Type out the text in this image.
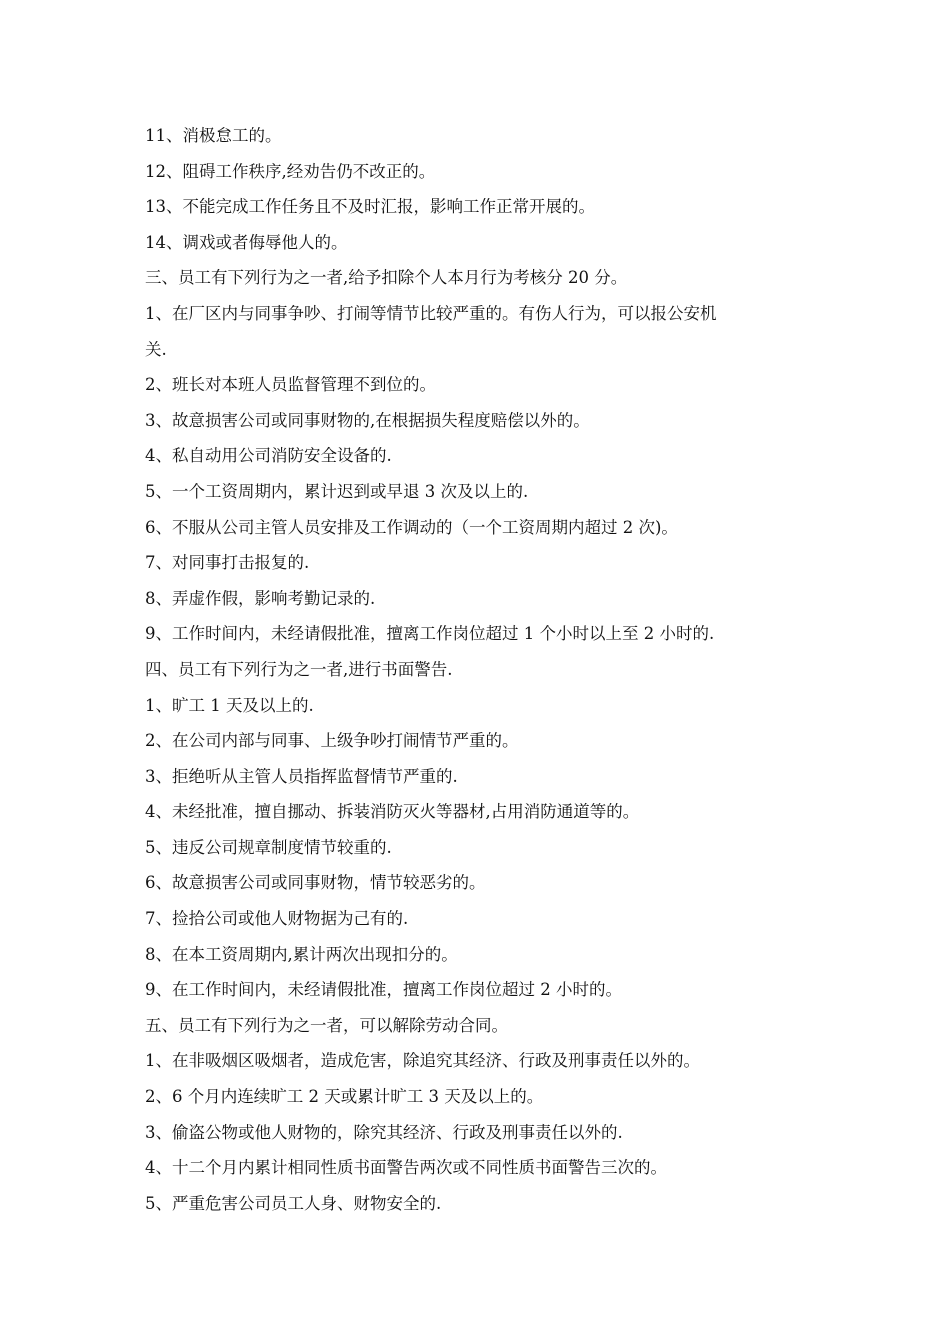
11、消极怠工的。

12、阻碍工作秩序,经劝告仍不改正的。

13、不能完成工作任务且不及时汇报，影响工作正常开展的。

14、调戏或者侮辱他人的。

三、员工有下列行为之一者,给予扣除个人本月行为考核分 20 分。

1、在厂区内与同事争吵、打闹等情节比较严重的。有伤人行为，可以报公安机

关.

2、班长对本班人员监督管理不到位的。

3、故意损害公司或同事财物的,在根据损失程度赔偿以外的。

4、私自动用公司消防安全设备的.

5、一个工资周期内，累计迟到或早退 3 次及以上的.

6、不服从公司主管人员安排及工作调动的（一个工资周期内超过 2 次)。

7、对同事打击报复的.

8、弄虚作假，影响考勤记录的.

9、工作时间内，未经请假批准，擅离工作岗位超过 1 个小时以上至 2 小时的.

四、员工有下列行为之一者,进行书面警告.

1、旷工 1 天及以上的.

2、在公司内部与同事、上级争吵打闹情节严重的。

3、拒绝听从主管人员指挥监督情节严重的.

4、未经批准，擅自挪动、拆装消防灭火等器材,占用消防通道等的。

5、违反公司规章制度情节较重的.

6、故意损害公司或同事财物，情节较恶劣的。

7、捡拾公司或他人财物据为己有的.

8、在本工资周期内,累计两次出现扣分的。

9、在工作时间内，未经请假批准，擅离工作岗位超过 2 小时的。

五、员工有下列行为之一者，可以解除劳动合同。

1、在非吸烟区吸烟者，造成危害，除追究其经济、行政及刑事责任以外的。

2、6 个月内连续旷工 2 天或累计旷工 3 天及以上的。

3、偷盗公物或他人财物的，除究其经济、行政及刑事责任以外的.

4、十二个月内累计相同性质书面警告两次或不同性质书面警告三次的。

5、严重危害公司员工人身、财物安全的.
